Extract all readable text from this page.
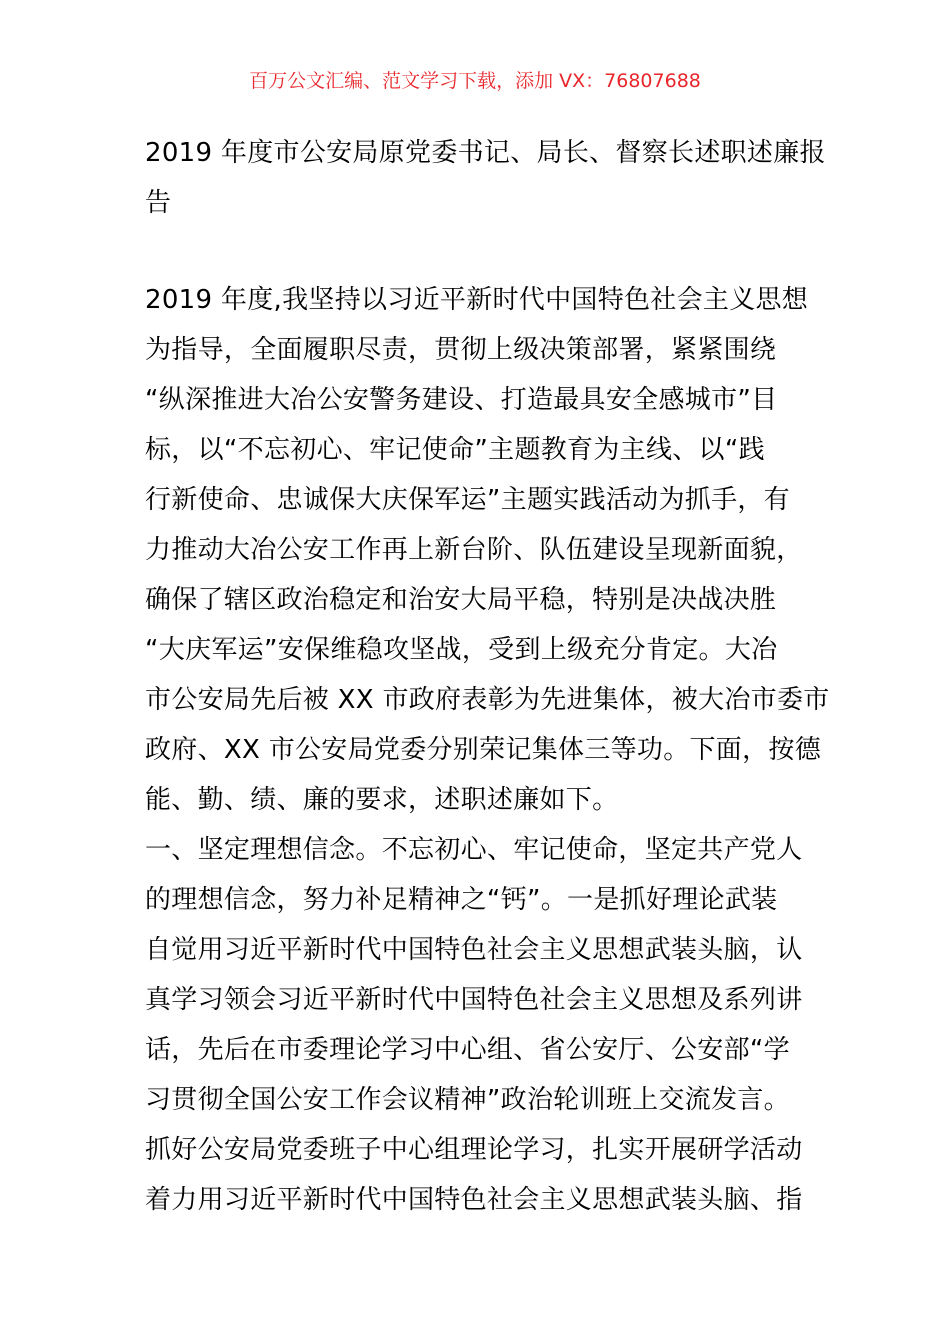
百万公文汇编、范文学习下载，添加 VX：76807688
2019 年度市公安局原党委书记、局长、督察长述职述廉报
告
2019 年度,我坚持以习近平新时代中国特色社会主义思想
为指导，全面履职尽责，贯彻上级决策部署，紧紧围绕
“纵深推进大冶公安警务建设、打造最具安全感城市”目
标，以“不忘初心、牢记使命”主题教育为主线、以“践
行新使命、忠诚保大庆保军运”主题实践活动为抓手，有
力推动大冶公安工作再上新台阶、队伍建设呈现新面貌，
确保了辖区政治稳定和治安大局平稳，特别是决战决胜
“大庆军运”安保维稳攻坚战，受到上级充分肯定。大冶
市公安局先后被 XX 市政府表彰为先进集体，被大冶市委市
政府、XX 市公安局党委分别荣记集体三等功。下面，按德
能、勤、绩、廉的要求，述职述廉如下。
一、坚定理想信念。不忘初心、牢记使命，坚定共产党人
的理想信念，努力补足精神之“钙”。一是抓好理论武装
自觉用习近平新时代中国特色社会主义思想武装头脑，认
真学习领会习近平新时代中国特色社会主义思想及系列讲
话，先后在市委理论学习中心组、省公安厅、公安部“学
习贯彻全国公安工作会议精神”政治轮训班上交流发言。
抓好公安局党委班子中心组理论学习，扎实开展研学活动
着力用习近平新时代中国特色社会主义思想武装头脑、指
